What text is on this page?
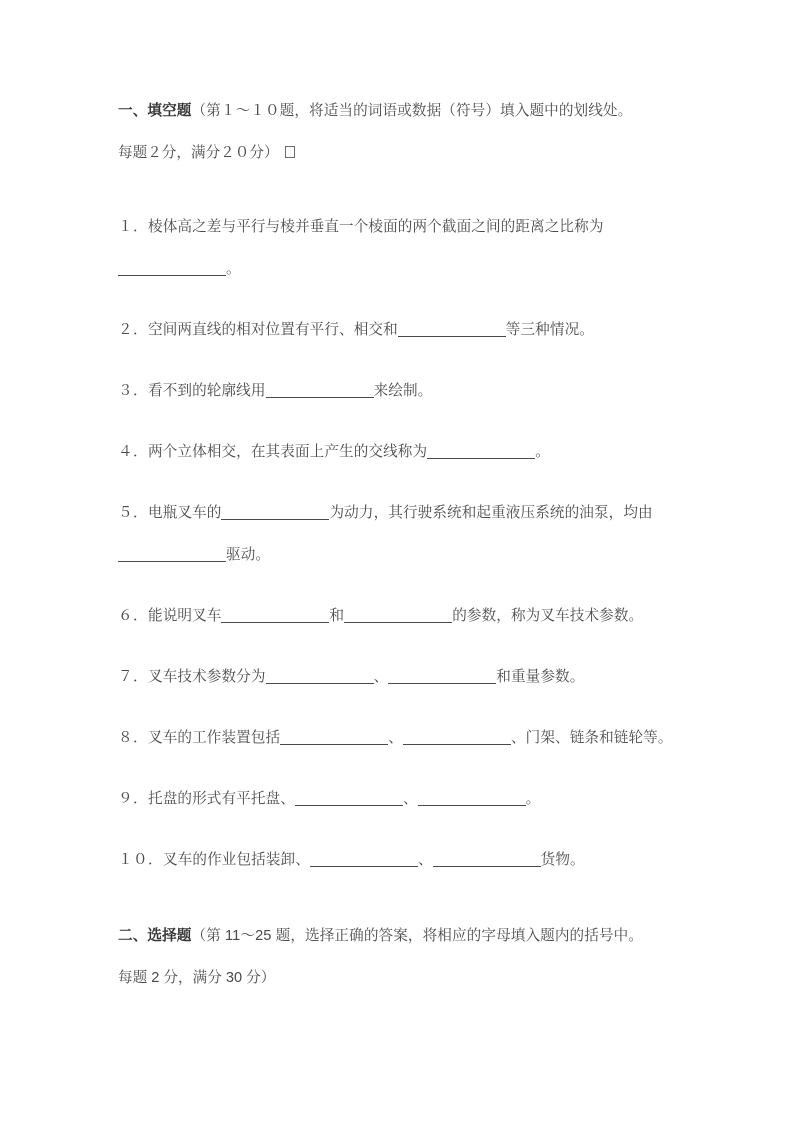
一、填空题（第１～１０题，将适当的词语或数据（符号）填入题中的划线处。
每题２分，满分２０分）
１．棱体高之差与平行与棱并垂直一个棱面的两个截面之间的距离之比称为
。
２．空间两直线的相对位置有平行、相交和	等三种情况。
３．看不到的轮廓线用	来绘制。
４．两个立体相交，在其表面上产生的交线称为	。
５．电瓶叉车的	为动力，其行驶系统和起重液压系统的油泵，均由
驱动。
６．能说明叉车	和	的参数，称为叉车技术参数。
７．叉车技术参数分为	、	和重量参数。
８．叉车的工作装置包括	、	、门架、链条和链轮等。
９．托盘的形式有平托盘、	、	。
１０．叉车的作业包括装卸、	、	货物。
二、选择题（第 11～25 题，选择正确的答案，将相应的字母填入题内的括号中。
每题 2 分，满分 30 分）
